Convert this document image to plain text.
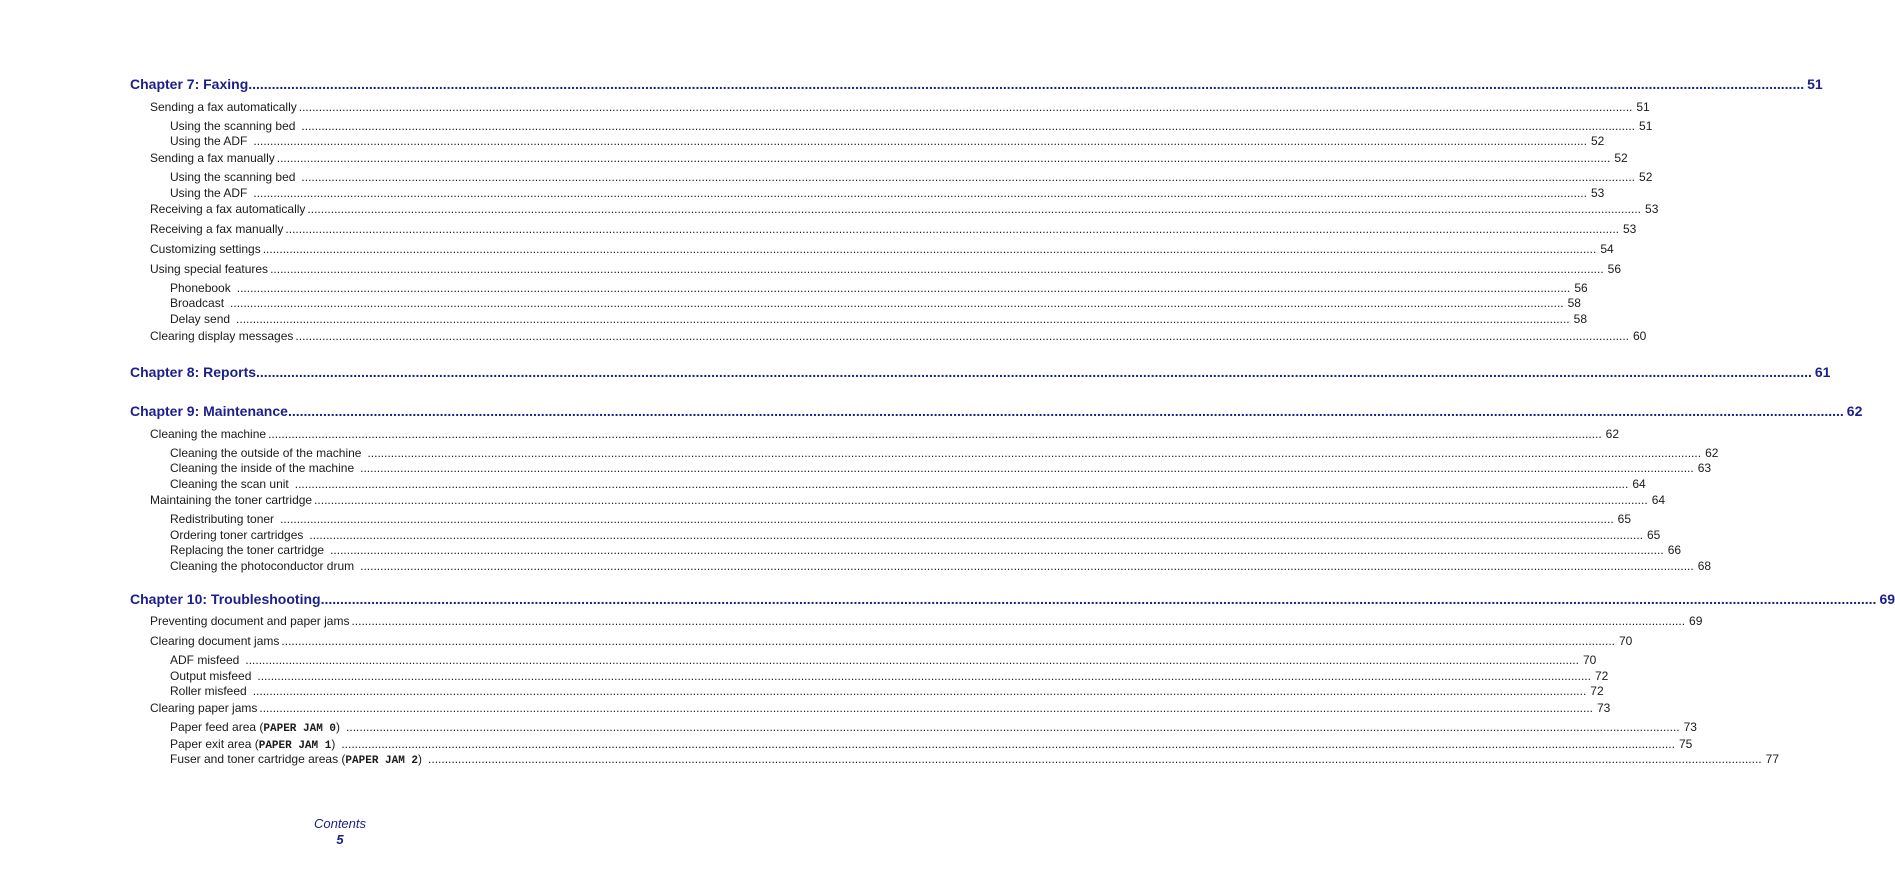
Chapter 7: Faxing ................................................................................................................................................................................................................................................................................................................................................................................................................ 51
Sending a fax automatically ................................................................................................................................................................................................................................................................................................................................................................................................................ 51
Using the scanning bed ................................................................................................................................................................................................................................................................................................................................................................................................................ 51
Using the ADF ................................................................................................................................................................................................................................................................................................................................................................................................................ 52
Sending a fax manually ................................................................................................................................................................................................................................................................................................................................................................................................................ 52
Using the scanning bed ................................................................................................................................................................................................................................................................................................................................................................................................................ 52
Using the ADF ................................................................................................................................................................................................................................................................................................................................................................................................................ 53
Receiving a fax automatically ................................................................................................................................................................................................................................................................................................................................................................................................................ 53
Receiving a fax manually ................................................................................................................................................................................................................................................................................................................................................................................................................ 53
Customizing settings ................................................................................................................................................................................................................................................................................................................................................................................................................ 54
Using special features ................................................................................................................................................................................................................................................................................................................................................................................................................ 56
Phonebook ................................................................................................................................................................................................................................................................................................................................................................................................................ 56
Broadcast ................................................................................................................................................................................................................................................................................................................................................................................................................ 58
Delay send ................................................................................................................................................................................................................................................................................................................................................................................................................ 58
Clearing display messages ................................................................................................................................................................................................................................................................................................................................................................................................................ 60
Chapter 8: Reports ................................................................................................................................................................................................................................................................................................................................................................................................................ 61
Chapter 9: Maintenance ................................................................................................................................................................................................................................................................................................................................................................................................................ 62
Cleaning the machine ................................................................................................................................................................................................................................................................................................................................................................................................................ 62
Cleaning the outside of the machine ................................................................................................................................................................................................................................................................................................................................................................................................................ 62
Cleaning the inside of the machine ................................................................................................................................................................................................................................................................................................................................................................................................................ 63
Cleaning the scan unit ................................................................................................................................................................................................................................................................................................................................................................................................................ 64
Maintaining the toner cartridge ................................................................................................................................................................................................................................................................................................................................................................................................................ 64
Redistributing toner ................................................................................................................................................................................................................................................................................................................................................................................................................ 65
Ordering toner cartridges ................................................................................................................................................................................................................................................................................................................................................................................................................ 65
Replacing the toner cartridge ................................................................................................................................................................................................................................................................................................................................................................................................................ 66
Cleaning the photoconductor drum ................................................................................................................................................................................................................................................................................................................................................................................................................ 68
Chapter 10: Troubleshooting ................................................................................................................................................................................................................................................................................................................................................................................................................ 69
Preventing document and paper jams ................................................................................................................................................................................................................................................................................................................................................................................................................ 69
Clearing document jams ................................................................................................................................................................................................................................................................................................................................................................................................................ 70
ADF misfeed ................................................................................................................................................................................................................................................................................................................................................................................................................ 70
Output misfeed ................................................................................................................................................................................................................................................................................................................................................................................................................ 72
Roller misfeed ................................................................................................................................................................................................................................................................................................................................................................................................................ 72
Clearing paper jams ................................................................................................................................................................................................................................................................................................................................................................................................................ 73
Paper feed area (PAPER JAM 0) ................................................................................................................................................................................................................................................................................................................................................................................................................ 73
Paper exit area (PAPER JAM 1) ................................................................................................................................................................................................................................................................................................................................................................................................................ 75
Fuser and toner cartridge areas (PAPER JAM 2) ................................................................................................................................................................................................................................................................................................................................................................................................................ 77
Contents
5
